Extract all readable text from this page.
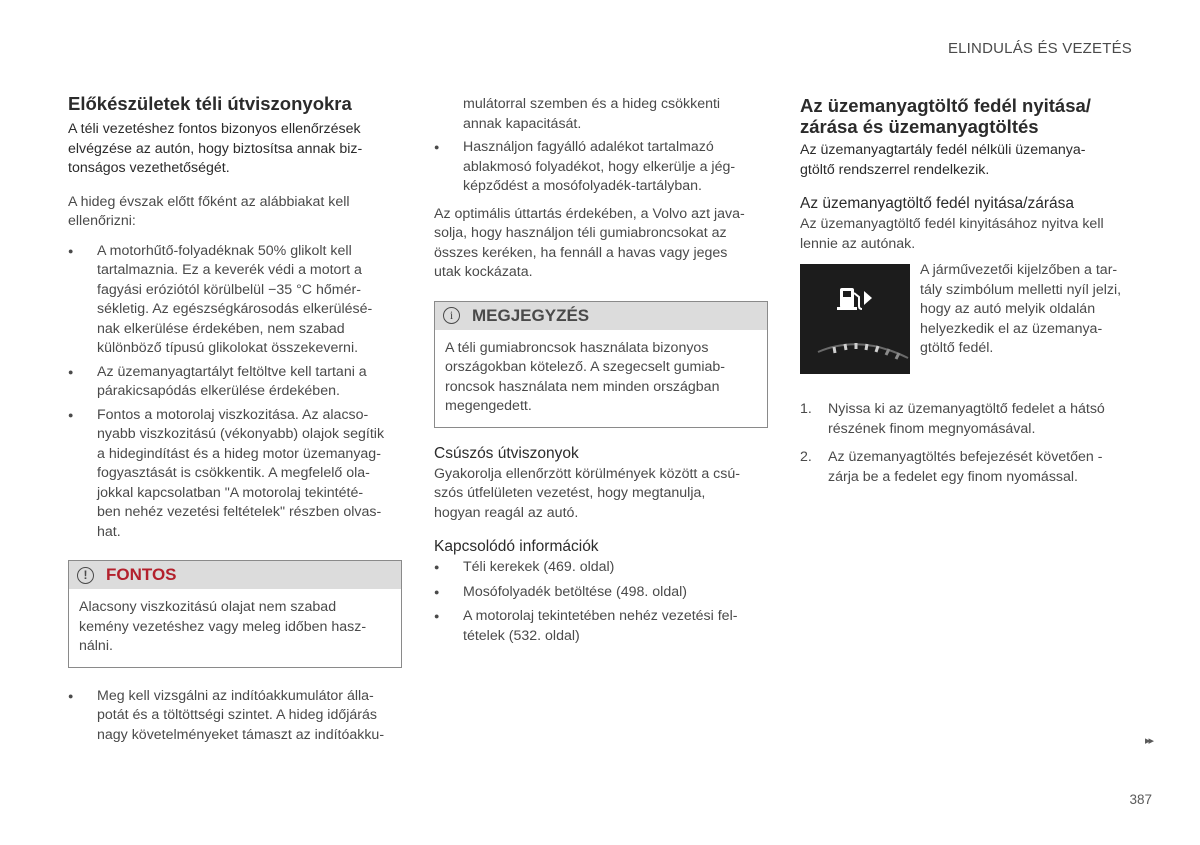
ELINDULÁS ÉS VEZETÉS
Előkészületek téli útviszonyokra

A téli vezetéshez fontos bizonyos ellenőrzések
elvégzése az autón, hogy biztosítsa annak biz-
tonságos vezethetőségét.

A hideg évszak előtt főként az alábbiakat kell
ellenőrizni:

● A motorhűtő-folyadéknak 50% glikolt kell
tartalmaznia. Ez a keverék védi a motort a
fagyási eróziótól körülbelül −35 °C hőmér-
sékletig. Az egészségkárosodás elkerülésé-
nak elkerülése érdekében, nem szabad
különböző típusú glikolokat összekeverni.
● Az üzemanyagtartályt feltöltve kell tartani a
párakicsapódás elkerülése érdekében.
● Fontos a motorolaj viszkozitása. Az alacso-
nyabb viszkozitású (vékonyabb) olajok segítik
a hidegindítást és a hideg motor üzemanyag-
fogyasztását is csökkentik. A megfelelő ola-
jokkal kapcsolatban "A motorolaj tekintété-
ben nehéz vezetési feltételek" részben olvas-
hat.
!	FONTOS
Alacsony viszkozitású olajat nem szabad
kemény vezetéshez vagy meleg időben hasz-
nálni.
● Meg kell vizsgálni az indítóakkumulátor álla-
potát és a töltöttségi szintet. A hideg időjárás
nagy követelményeket támaszt az indítóakku-

mulátorral szemben és a hideg csökkenti
annak kapacitását.

● Használjon fagyálló adalékot tartalmazó
ablakmosó folyadékot, hogy elkerülje a jég-
képződést a mosófolyadék-tartályban.

Az optimális úttartás érdekében, a Volvo azt java-
solja, hogy használjon téli gumiabroncsokat az
összes keréken, ha fennáll a havas vagy jeges
utak kockázata.

i	MEGJEGYZÉS
A téli gumiabroncsok használata bizonyos
országokban kötelező. A szegecselt gumiab-
roncsok használata nem minden országban
megengedett.
Csúszós útviszonyok

Gyakorolja ellenőrzött körülmények között a csú-
szós útfelületen vezetést, hogy megtanulja,
hogyan reagál az autó.

Kapcsolódó információk
● Téli kerekek (469. oldal)
● Mosófolyadék betöltése (498. oldal)
● A motorolaj tekintetében nehéz vezetési fel-
tételek (532. oldal)
Az üzemanyagtöltő fedél nyitása/
zárása és üzemanyagtöltés

Az üzemanyagtartály fedél nélküli üzemanya-
gtöltő rendszerrel rendelkezik.

Az üzemanyagtöltő fedél nyitása/zárása

Az üzemanyagtöltő fedél kinyitásához nyitva kell
lennie az autónak.

A járművezetői kijelzőben a tar-
tály szimbólum melletti nyíl jelzi,
hogy az autó melyik oldalán
helyezkedik el az üzemanya-
gtöltő fedél.

1. Nyissa ki az üzemanyagtöltő fedelet a hátsó
részének finom megnyomásával.
2. Az üzemanyagtöltés befejezését követően -
zárja be a fedelet egy finom nyomással.
▸▸
387
